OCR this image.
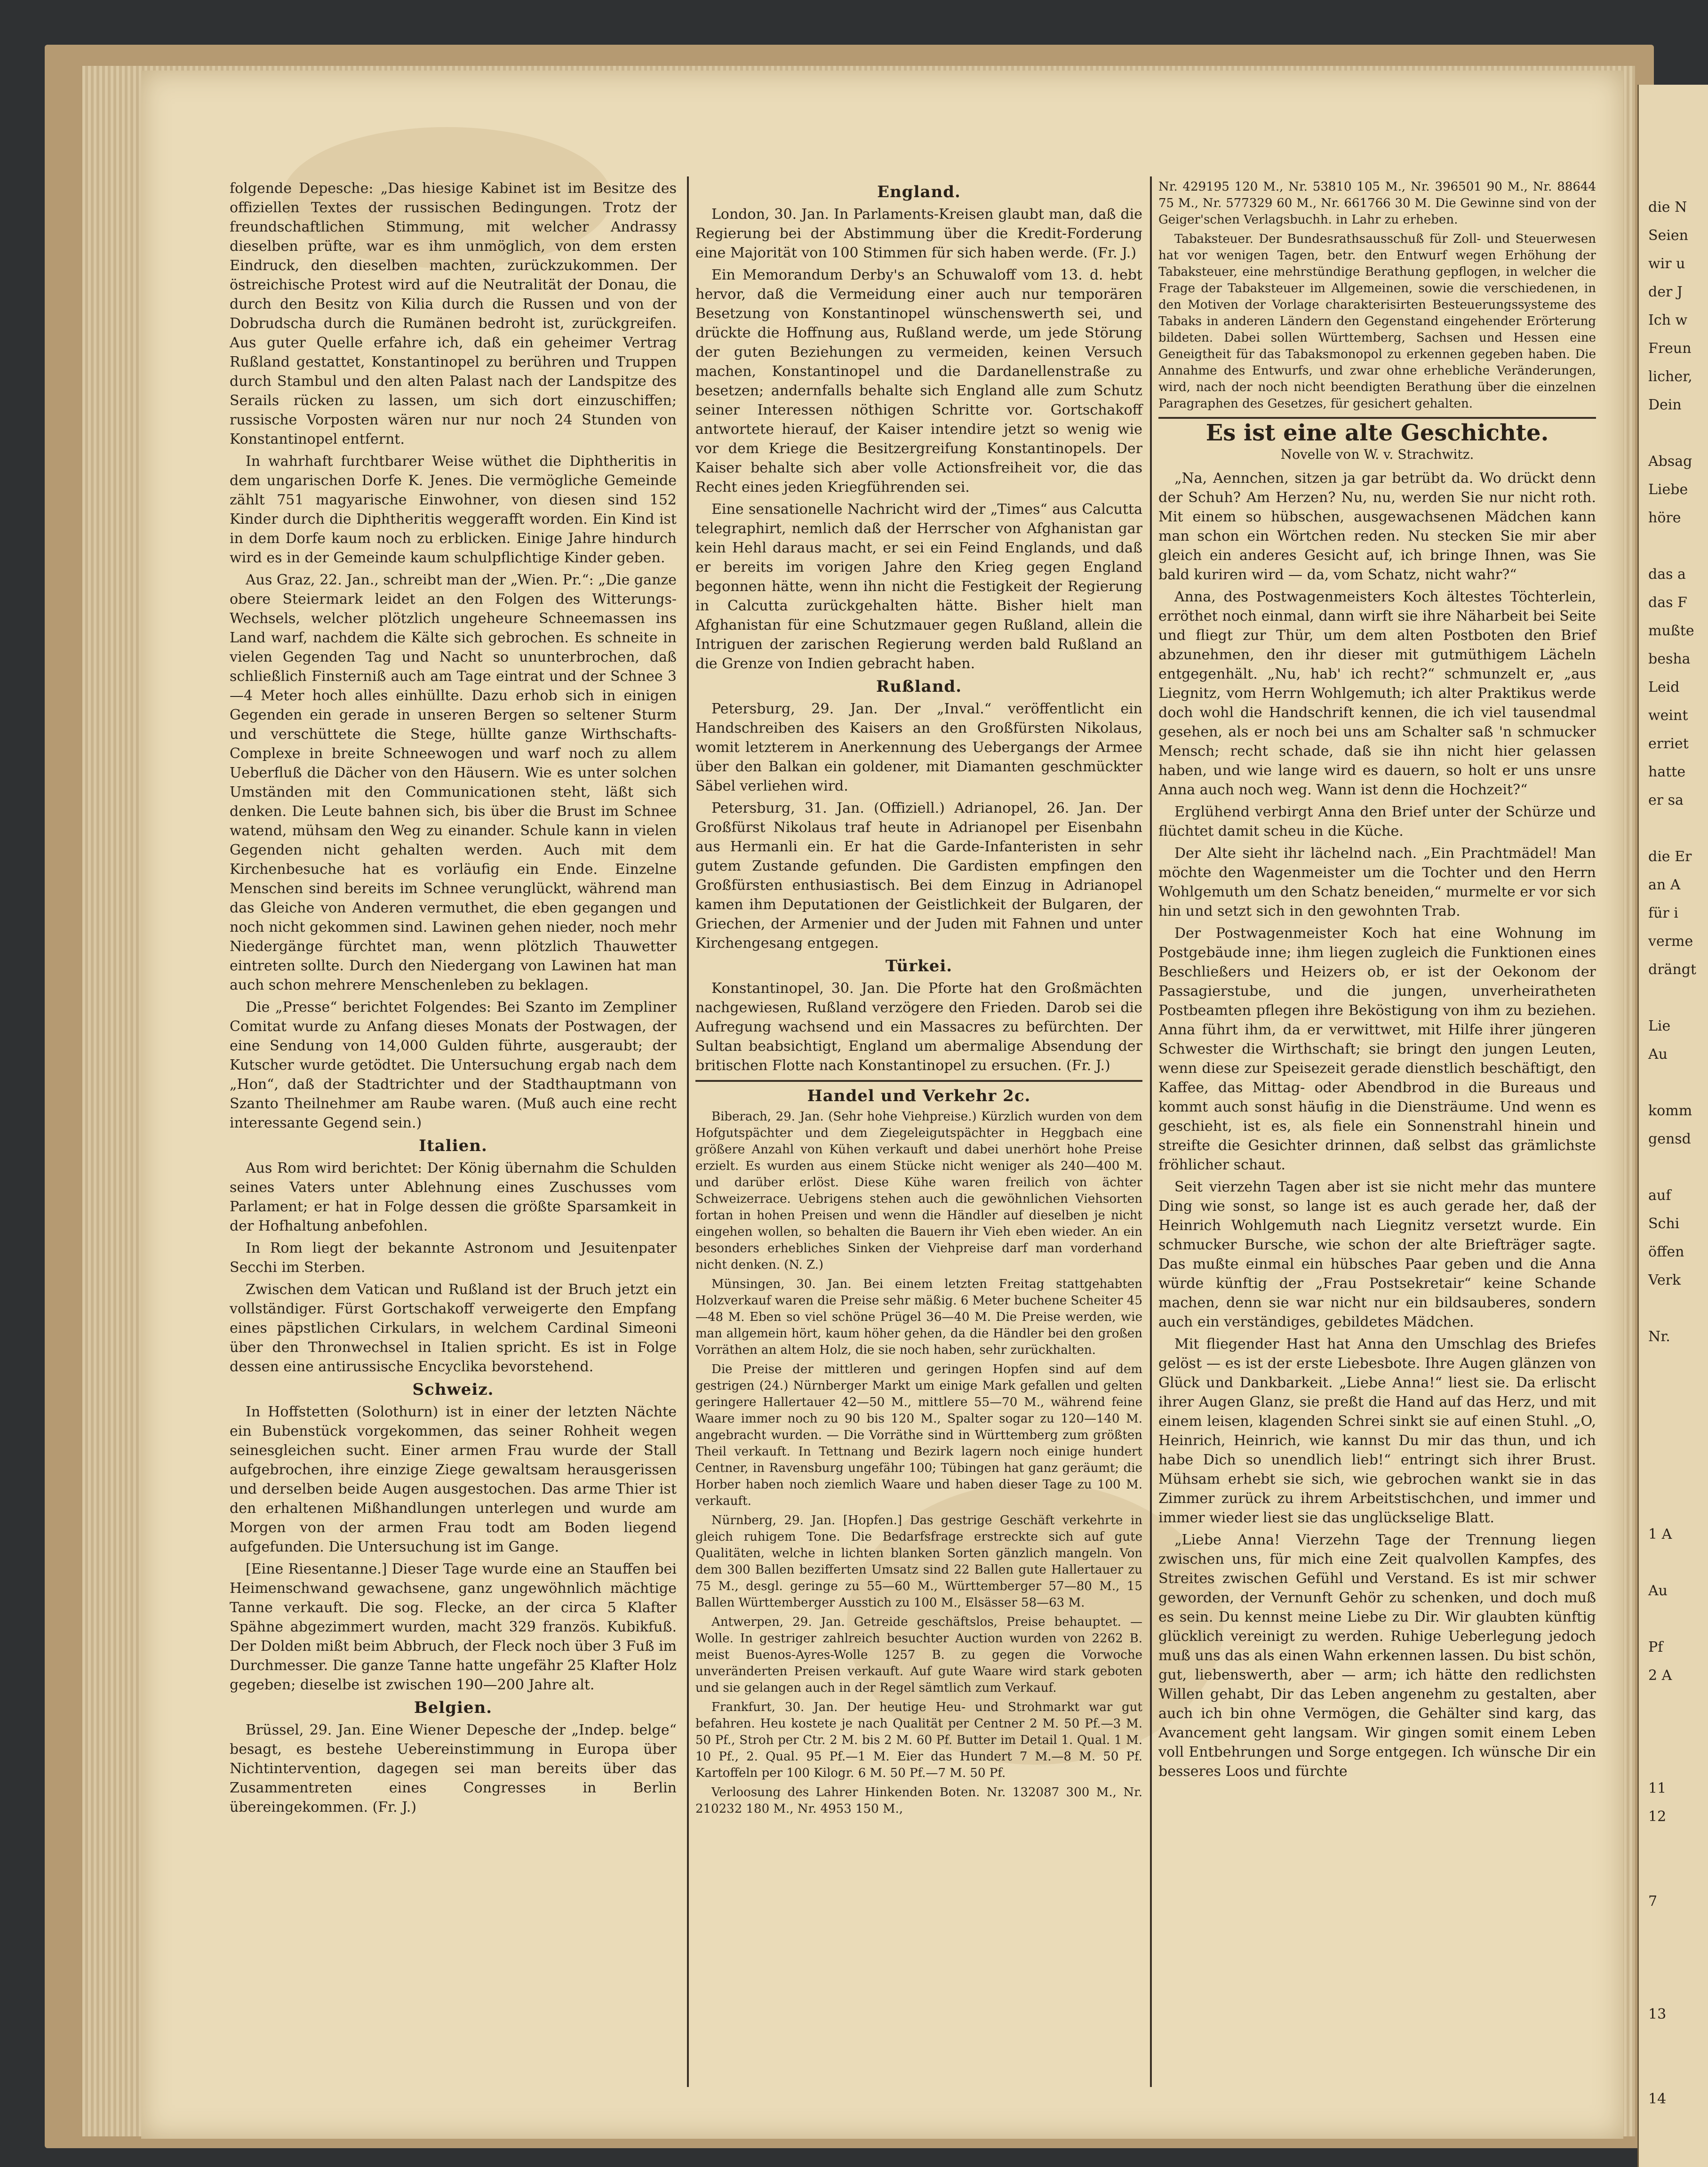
folgende Depesche: „Das hiesige Kabinet ist im Besitze des offiziellen Textes der russischen Bedingungen. Trotz der freundschaftlichen Stimmung, mit welcher Andrassy dieselben prüfte, war es ihm unmöglich, von dem ersten Eindruck, den dieselben machten, zurückzukommen. Der östreichische Protest wird auf die Neutralität der Donau, die durch den Besitz von Kilia durch die Russen und von der Dobrudscha durch die Rumänen bedroht ist, zurückgreifen. Aus guter Quelle erfahre ich, daß ein geheimer Vertrag Rußland gestattet, Konstantinopel zu berühren und Truppen durch Stambul und den alten Palast nach der Landspitze des Serails rücken zu lassen, um sich dort einzuschiffen; russische Vorposten wären nur nur noch 24 Stunden von Konstantinopel entfernt.

In wahrhaft furchtbarer Weise wüthet die Diphtheritis in dem ungarischen Dorfe K. Jenes. Die vermögliche Gemeinde zählt 751 magyarische Einwohner, von diesen sind 152 Kinder durch die Diphtheritis weggerafft worden. Ein Kind ist in dem Dorfe kaum noch zu erblicken. Einige Jahre hindurch wird es in der Gemeinde kaum schulpflichtige Kinder geben.

Aus Graz, 22. Jan., schreibt man der „Wien. Pr.“: „Die ganze obere Steiermark leidet an den Folgen des Witterungs-Wechsels, welcher plötzlich ungeheure Schneemassen ins Land warf, nachdem die Kälte sich gebrochen. Es schneite in vielen Gegenden Tag und Nacht so ununterbrochen, daß schließlich Finsterniß auch am Tage eintrat und der Schnee 3—4 Meter hoch alles einhüllte. Dazu erhob sich in einigen Gegenden ein gerade in unseren Bergen so seltener Sturm und verschüttete die Stege, hüllte ganze Wirthschafts-Complexe in breite Schneewogen und warf noch zu allem Ueberfluß die Dächer von den Häusern. Wie es unter solchen Umständen mit den Communicationen steht, läßt sich denken. Die Leute bahnen sich, bis über die Brust im Schnee watend, mühsam den Weg zu einander. Schule kann in vielen Gegenden nicht gehalten werden. Auch mit dem Kirchenbesuche hat es vorläufig ein Ende. Einzelne Menschen sind bereits im Schnee verunglückt, während man das Gleiche von Anderen vermuthet, die eben gegangen und noch nicht gekommen sind. Lawinen gehen nieder, noch mehr Niedergänge fürchtet man, wenn plötzlich Thauwetter eintreten sollte. Durch den Niedergang von Lawinen hat man auch schon mehrere Menschenleben zu beklagen.

Die „Presse“ berichtet Folgendes: Bei Szanto im Zempliner Comitat wurde zu Anfang dieses Monats der Postwagen, der eine Sendung von 14,000 Gulden führte, ausgeraubt; der Kutscher wurde getödtet. Die Untersuchung ergab nach dem „Hon“, daß der Stadtrichter und der Stadthauptmann von Szanto Theilnehmer am Raube waren. (Muß auch eine recht interessante Gegend sein.)

Italien.

Aus Rom wird berichtet: Der König übernahm die Schulden seines Vaters unter Ablehnung eines Zuschusses vom Parlament; er hat in Folge dessen die größte Sparsamkeit in der Hofhaltung anbefohlen.

In Rom liegt der bekannte Astronom und Jesuitenpater Secchi im Sterben.

Zwischen dem Vatican und Rußland ist der Bruch jetzt ein vollständiger. Fürst Gortschakoff verweigerte den Empfang eines päpstlichen Cirkulars, in welchem Cardinal Simeoni über den Thronwechsel in Italien spricht. Es ist in Folge dessen eine antirussische Encyclika bevorstehend.

Schweiz.

In Hoffstetten (Solothurn) ist in einer der letzten Nächte ein Bubenstück vorgekommen, das seiner Rohheit wegen seinesgleichen sucht. Einer armen Frau wurde der Stall aufgebrochen, ihre einzige Ziege gewaltsam herausgerissen und derselben beide Augen ausgestochen. Das arme Thier ist den erhaltenen Mißhandlungen unterlegen und wurde am Morgen von der armen Frau todt am Boden liegend aufgefunden. Die Untersuchung ist im Gange.

[Eine Riesentanne.] Dieser Tage wurde eine an Stauffen bei Heimenschwand gewachsene, ganz ungewöhnlich mächtige Tanne verkauft. Die sog. Flecke, an der circa 5 Klafter Spähne abgezimmert wurden, macht 329 französ. Kubikfuß. Der Dolden mißt beim Abbruch, der Fleck noch über 3 Fuß im Durchmesser. Die ganze Tanne hatte ungefähr 25 Klafter Holz gegeben; dieselbe ist zwischen 190—200 Jahre alt.

Belgien.

Brüssel, 29. Jan. Eine Wiener Depesche der „Indep. belge“ besagt, es bestehe Uebereinstimmung in Europa über Nichtintervention, dagegen sei man bereits über das Zusammentreten eines Congresses in Berlin übereingekommen. (Fr. J.)

England.

London, 30. Jan. In Parlaments-Kreisen glaubt man, daß die Regierung bei der Abstimmung über die Kredit-Forderung eine Majorität von 100 Stimmen für sich haben werde. (Fr. J.)

Ein Memorandum Derby's an Schuwaloff vom 13. d. hebt hervor, daß die Vermeidung einer auch nur temporären Besetzung von Konstantinopel wünschenswerth sei, und drückte die Hoffnung aus, Rußland werde, um jede Störung der guten Beziehungen zu vermeiden, keinen Versuch machen, Konstantinopel und die Dardanellenstraße zu besetzen; andernfalls behalte sich England alle zum Schutz seiner Interessen nöthigen Schritte vor. Gortschakoff antwortete hierauf, der Kaiser intendire jetzt so wenig wie vor dem Kriege die Besitzergreifung Konstantinopels. Der Kaiser behalte sich aber volle Actionsfreiheit vor, die das Recht eines jeden Kriegführenden sei.

Eine sensationelle Nachricht wird der „Times“ aus Calcutta telegraphirt, nemlich daß der Herrscher von Afghanistan gar kein Hehl daraus macht, er sei ein Feind Englands, und daß er bereits im vorigen Jahre den Krieg gegen England begonnen hätte, wenn ihn nicht die Festigkeit der Regierung in Calcutta zurückgehalten hätte. Bisher hielt man Afghanistan für eine Schutzmauer gegen Rußland, allein die Intriguen der zarischen Regierung werden bald Rußland an die Grenze von Indien gebracht haben.

Rußland.

Petersburg, 29. Jan. Der „Inval.“ veröffentlicht ein Handschreiben des Kaisers an den Großfürsten Nikolaus, womit letzterem in Anerkennung des Uebergangs der Armee über den Balkan ein goldener, mit Diamanten geschmückter Säbel verliehen wird.

Petersburg, 31. Jan. (Offiziell.) Adrianopel, 26. Jan. Der Großfürst Nikolaus traf heute in Adrianopel per Eisenbahn aus Hermanli ein. Er hat die Garde-Infanteristen in sehr gutem Zustande gefunden. Die Gardisten empfingen den Großfürsten enthusiastisch. Bei dem Einzug in Adrianopel kamen ihm Deputationen der Geistlichkeit der Bulgaren, der Griechen, der Armenier und der Juden mit Fahnen und unter Kirchengesang entgegen.

Türkei.

Konstantinopel, 30. Jan. Die Pforte hat den Großmächten nachgewiesen, Rußland verzögere den Frieden. Darob sei die Aufregung wachsend und ein Massacres zu befürchten. Der Sultan beabsichtigt, England um abermalige Absendung der britischen Flotte nach Konstantinopel zu ersuchen. (Fr. J.)

Handel und Verkehr 2c.

Biberach, 29. Jan. (Sehr hohe Viehpreise.) Kürzlich wurden von dem Hofgutspächter und dem Ziegeleigutspächter in Heggbach eine größere Anzahl von Kühen verkauft und dabei unerhört hohe Preise erzielt. Es wurden aus einem Stücke nicht weniger als 240—400 M. und darüber erlöst. Diese Kühe waren freilich von ächter Schweizerrace. Uebrigens stehen auch die gewöhnlichen Viehsorten fortan in hohen Preisen und wenn die Händler auf dieselben je nicht eingehen wollen, so behalten die Bauern ihr Vieh eben wieder. An ein besonders erhebliches Sinken der Viehpreise darf man vorderhand nicht denken. (N. Z.)

Münsingen, 30. Jan. Bei einem letzten Freitag stattgehabten Holzverkauf waren die Preise sehr mäßig. 6 Meter buchene Scheiter 45—48 M. Eben so viel schöne Prügel 36—40 M. Die Preise werden, wie man allgemein hört, kaum höher gehen, da die Händler bei den großen Vorräthen an altem Holz, die sie noch haben, sehr zurückhalten.

Die Preise der mittleren und geringen Hopfen sind auf dem gestrigen (24.) Nürnberger Markt um einige Mark gefallen und gelten geringere Hallertauer 42—50 M., mittlere 55—70 M., während feine Waare immer noch zu 90 bis 120 M., Spalter sogar zu 120—140 M. angebracht wurden. — Die Vorräthe sind in Württemberg zum größten Theil verkauft. In Tettnang und Bezirk lagern noch einige hundert Centner, in Ravensburg ungefähr 100; Tübingen hat ganz geräumt; die Horber haben noch ziemlich Waare und haben dieser Tage zu 100 M. verkauft.

Nürnberg, 29. Jan. [Hopfen.] Das gestrige Geschäft verkehrte in gleich ruhigem Tone. Die Bedarfsfrage erstreckte sich auf gute Qualitäten, welche in lichten blanken Sorten gänzlich mangeln. Von dem 300 Ballen bezifferten Umsatz sind 22 Ballen gute Hallertauer zu 75 M., desgl. geringe zu 55—60 M., Württemberger 57—80 M., 15 Ballen Württemberger Ausstich zu 100 M., Elsässer 58—63 M.

Antwerpen, 29. Jan. Getreide geschäftslos, Preise behauptet. — Wolle. In gestriger zahlreich besuchter Auction wurden von 2262 B. meist Buenos-Ayres-Wolle 1257 B. zu gegen die Vorwoche unveränderten Preisen verkauft. Auf gute Waare wird stark geboten und sie gelangen auch in der Regel sämtlich zum Verkauf.

Frankfurt, 30. Jan. Der heutige Heu- und Strohmarkt war gut befahren. Heu kostete je nach Qualität per Centner 2 M. 50 Pf.—3 M. 50 Pf., Stroh per Ctr. 2 M. bis 2 M. 60 Pf. Butter im Detail 1. Qual. 1 M. 10 Pf., 2. Qual. 95 Pf.—1 M. Eier das Hundert 7 M.—8 M. 50 Pf. Kartoffeln per 100 Kilogr. 6 M. 50 Pf.—7 M. 50 Pf.

Verloosung des Lahrer Hinkenden Boten. Nr. 132087 300 M., Nr. 210232 180 M., Nr. 4953 150 M.,

Nr. 429195 120 M., Nr. 53810 105 M., Nr. 396501 90 M., Nr. 88644 75 M., Nr. 577329 60 M., Nr. 661766 30 M. Die Gewinne sind von der Geiger'schen Verlagsbuchh. in Lahr zu erheben.

Tabaksteuer. Der Bundesrathsausschuß für Zoll- und Steuerwesen hat vor wenigen Tagen, betr. den Entwurf wegen Erhöhung der Tabaksteuer, eine mehrstündige Berathung gepflogen, in welcher die Frage der Tabaksteuer im Allgemeinen, sowie die verschiedenen, in den Motiven der Vorlage charakterisirten Besteuerungssysteme des Tabaks in anderen Ländern den Gegenstand eingehender Erörterung bildeten. Dabei sollen Württemberg, Sachsen und Hessen eine Geneigtheit für das Tabaksmonopol zu erkennen gegeben haben. Die Annahme des Entwurfs, und zwar ohne erhebliche Veränderungen, wird, nach der noch nicht beendigten Berathung über die einzelnen Paragraphen des Gesetzes, für gesichert gehalten.

Es ist eine alte Geschichte.
Novelle von W. v. Strachwitz.

„Na, Aennchen, sitzen ja gar betrübt da. Wo drückt denn der Schuh? Am Herzen? Nu, nu, werden Sie nur nicht roth. Mit einem so hübschen, ausgewachsenen Mädchen kann man schon ein Wörtchen reden. Nu stecken Sie mir aber gleich ein anderes Gesicht auf, ich bringe Ihnen, was Sie bald kuriren wird — da, vom Schatz, nicht wahr?“

Anna, des Postwagenmeisters Koch ältestes Töchterlein, erröthet noch einmal, dann wirft sie ihre Näharbeit bei Seite und fliegt zur Thür, um dem alten Postboten den Brief abzunehmen, den ihr dieser mit gutmüthigem Lächeln entgegenhält. „Nu, hab' ich recht?“ schmunzelt er, „aus Liegnitz, vom Herrn Wohlgemuth; ich alter Praktikus werde doch wohl die Handschrift kennen, die ich viel tausendmal gesehen, als er noch bei uns am Schalter saß 'n schmucker Mensch; recht schade, daß sie ihn nicht hier gelassen haben, und wie lange wird es dauern, so holt er uns unsre Anna auch noch weg. Wann ist denn die Hochzeit?“

Erglühend verbirgt Anna den Brief unter der Schürze und flüchtet damit scheu in die Küche.

Der Alte sieht ihr lächelnd nach. „Ein Prachtmädel! Man möchte den Wagenmeister um die Tochter und den Herrn Wohlgemuth um den Schatz beneiden,“ murmelte er vor sich hin und setzt sich in den gewohnten Trab.

Der Postwagenmeister Koch hat eine Wohnung im Postgebäude inne; ihm liegen zugleich die Funktionen eines Beschließers und Heizers ob, er ist der Oekonom der Passagierstube, und die jungen, unverheiratheten Postbeamten pflegen ihre Beköstigung von ihm zu beziehen. Anna führt ihm, da er verwittwet, mit Hilfe ihrer jüngeren Schwester die Wirthschaft; sie bringt den jungen Leuten, wenn diese zur Speisezeit gerade dienstlich beschäftigt, den Kaffee, das Mittag- oder Abendbrod in die Bureaus und kommt auch sonst häufig in die Diensträume. Und wenn es geschieht, ist es, als fiele ein Sonnenstrahl hinein und streifte die Gesichter drinnen, daß selbst das grämlichste fröhlicher schaut.

Seit vierzehn Tagen aber ist sie nicht mehr das muntere Ding wie sonst, so lange ist es auch gerade her, daß der Heinrich Wohlgemuth nach Liegnitz versetzt wurde. Ein schmucker Bursche, wie schon der alte Briefträger sagte. Das mußte einmal ein hübsches Paar geben und die Anna würde künftig der „Frau Postsekretair“ keine Schande machen, denn sie war nicht nur ein bildsauberes, sondern auch ein verständiges, gebildetes Mädchen.

Mit fliegender Hast hat Anna den Umschlag des Briefes gelöst — es ist der erste Liebesbote. Ihre Augen glänzen von Glück und Dankbarkeit. „Liebe Anna!“ liest sie. Da erlischt ihrer Augen Glanz, sie preßt die Hand auf das Herz, und mit einem leisen, klagenden Schrei sinkt sie auf einen Stuhl. „O, Heinrich, Heinrich, wie kannst Du mir das thun, und ich habe Dich so unendlich lieb!“ entringt sich ihrer Brust. Mühsam erhebt sie sich, wie gebrochen wankt sie in das Zimmer zurück zu ihrem Arbeitstischchen, und immer und immer wieder liest sie das unglückselige Blatt.

„Liebe Anna! Vierzehn Tage der Trennung liegen zwischen uns, für mich eine Zeit qualvollen Kampfes, des Streites zwischen Gefühl und Verstand. Es ist mir schwer geworden, der Vernunft Gehör zu schenken, und doch muß es sein. Du kennst meine Liebe zu Dir. Wir glaubten künftig glücklich vereinigt zu werden. Ruhige Ueberlegung jedoch muß uns das als einen Wahn erkennen lassen. Du bist schön, gut, liebenswerth, aber — arm; ich hätte den redlichsten Willen gehabt, Dir das Leben angenehm zu gestalten, aber auch ich bin ohne Vermögen, die Gehälter sind karg, das Avancement geht langsam. Wir gingen somit einem Leben voll Entbehrungen und Sorge entgegen. Ich wünsche Dir ein besseres Loos und fürchte

die N
Seien
wir u
der J
Ich w
Freun
licher,
Dein
Absag
Liebe
höre
das a
das F
mußte
besha
Leid
weint
erriet
hatte
er sa
die Er
an A
für i
verme
drängt
Lie
Au
komm
gensd
auf
Schi
öffen
Verk
Nr.
1 A
Au
Pf
2 A
11
12
7
13
14
